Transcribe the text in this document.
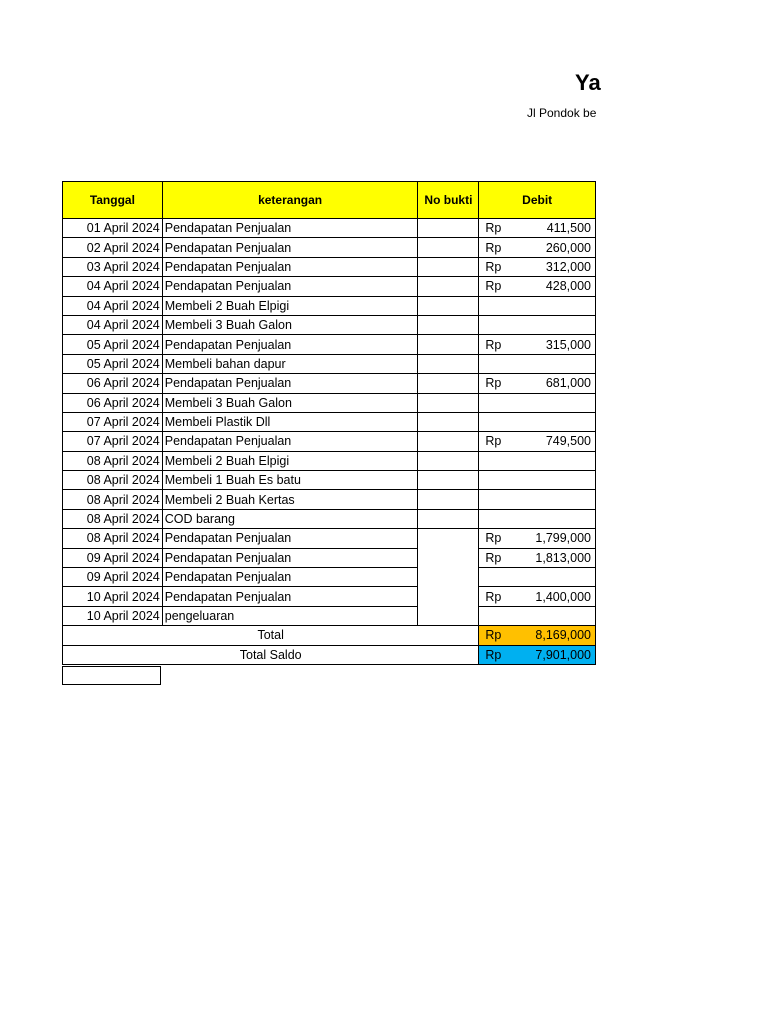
Ya
Jl Pondok be
Tanggal	keterangan	No bukti	Debit
01 April 2024	Pendapatan Penjualan		Rp 411,500

02 April 2024	Pendapatan Penjualan		Rp 260,000

03 April 2024	Pendapatan Penjualan		Rp 312,000

04 April 2024	Pendapatan Penjualan		Rp 428,000

04 April 2024	Membeli 2 Buah Elpigi		
04 April 2024	Membeli 3 Buah Galon		
05 April 2024	Pendapatan Penjualan		Rp 315,000

05 April 2024	Membeli bahan dapur		
06 April 2024	Pendapatan Penjualan		Rp 681,000

06 April 2024	Membeli 3 Buah Galon		
07 April 2024	Membeli Plastik Dll		
07 April 2024	Pendapatan Penjualan		Rp 749,500

08 April 2024	Membeli 2 Buah Elpigi		
08 April 2024	Membeli 1 Buah Es batu		
08 April 2024	Membeli 2 Buah Kertas		
08 April 2024	COD barang		
08 April 2024	Pendapatan Penjualan		Rp 1,799,000

09 April 2024	Pendapatan Penjualan		Rp 1,813,000

09 April 2024	Pendapatan Penjualan		
10 April 2024	Pendapatan Penjualan		Rp 1,400,000

10 April 2024	pengeluaran		
Total			Rp 8,169,000

Total Saldo			Rp 7,901,000
